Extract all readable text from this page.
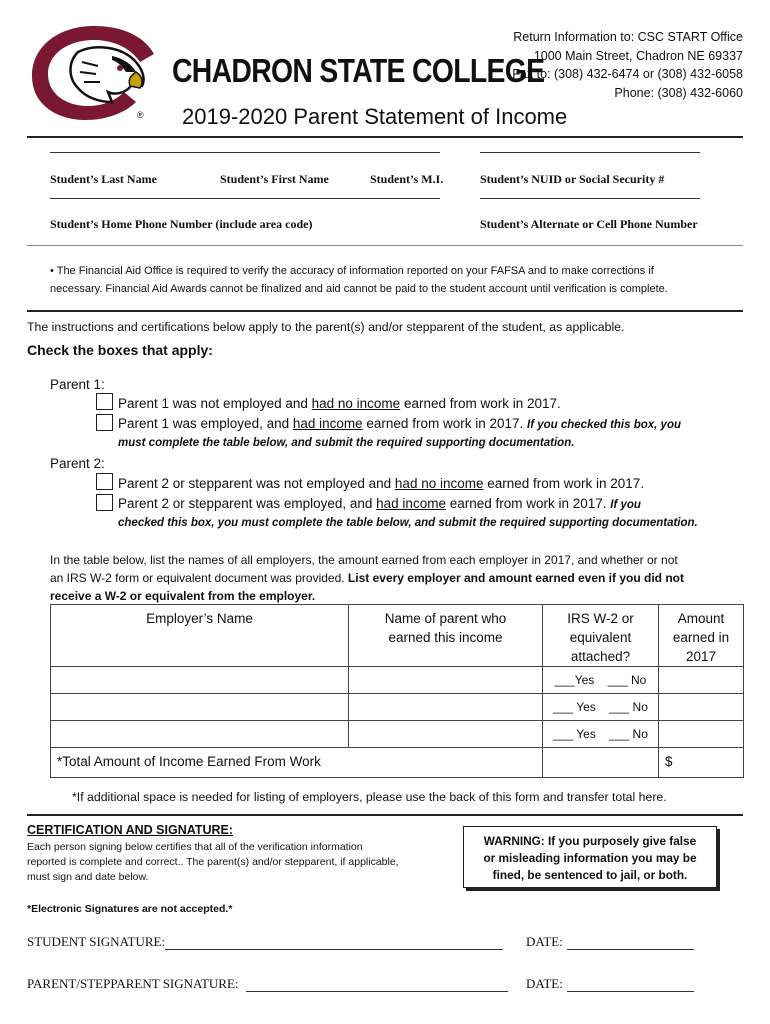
®
CHADRON STATE COLLEGE
Return Information to: CSC START Office
1000 Main Street, Chadron NE 69337
Fax to: (308) 432-6474 or (308) 432-6058
Phone: (308) 432-6060
2019-2020 Parent Statement of Income
Student’s Last Name	Student’s First Name	Student’s M.I.	Student’s NUID or Social Security #
Student’s Home Phone Number (include area code)	Student’s Alternate or Cell Phone Number
• The Financial Aid Office is required to verify the accuracy of information reported on your FAFSA and to make corrections if
necessary. Financial Aid Awards cannot be finalized and aid cannot be paid to the student account until verification is complete.
The instructions and certifications below apply to the parent(s) and/or stepparent of the student, as applicable.
Check the boxes that apply:
Parent 1:
Parent 1 was not employed and had no income earned from work in 2017.
Parent 1 was employed, and had income earned from work in 2017. If you checked this box, you
must complete the table below, and submit the required supporting documentation.
Parent 2:
Parent 2 or stepparent was not employed and had no income earned from work in 2017.
Parent 2 or stepparent was employed, and had income earned from work in 2017. If you
checked this box, you must complete the table below, and submit the required supporting documentation.
In the table below, list the names of all employers, the amount earned from each employer in 2017, and whether or not
an IRS W-2 form or equivalent document was provided. List every employer and amount earned even if you did not
receive a W-2 or equivalent from the employer.
Employer’s Name	Name of parent who earned this income	IRS W-2 or equivalent attached?	Amount earned in 2017
		___Yes ___ No	
		___ Yes ___ No	
		___ Yes ___ No	
*Total Amount of Income Earned From Work			$
*If additional space is needed for listing of employers, please use the back of this form and transfer total here.
CERTIFICATION AND SIGNATURE:
Each person signing below certifies that all of the verification information
reported is complete and correct.. The parent(s) and/or stepparent, if applicable,
must sign and date below.
WARNING: If you purposely give false
or misleading information you may be
fined, be sentenced to jail, or both.
*Electronic Signatures are not accepted.*
STUDENT SIGNATURE:	DATE:
PARENT/STEPPARENT SIGNATURE:	DATE:
